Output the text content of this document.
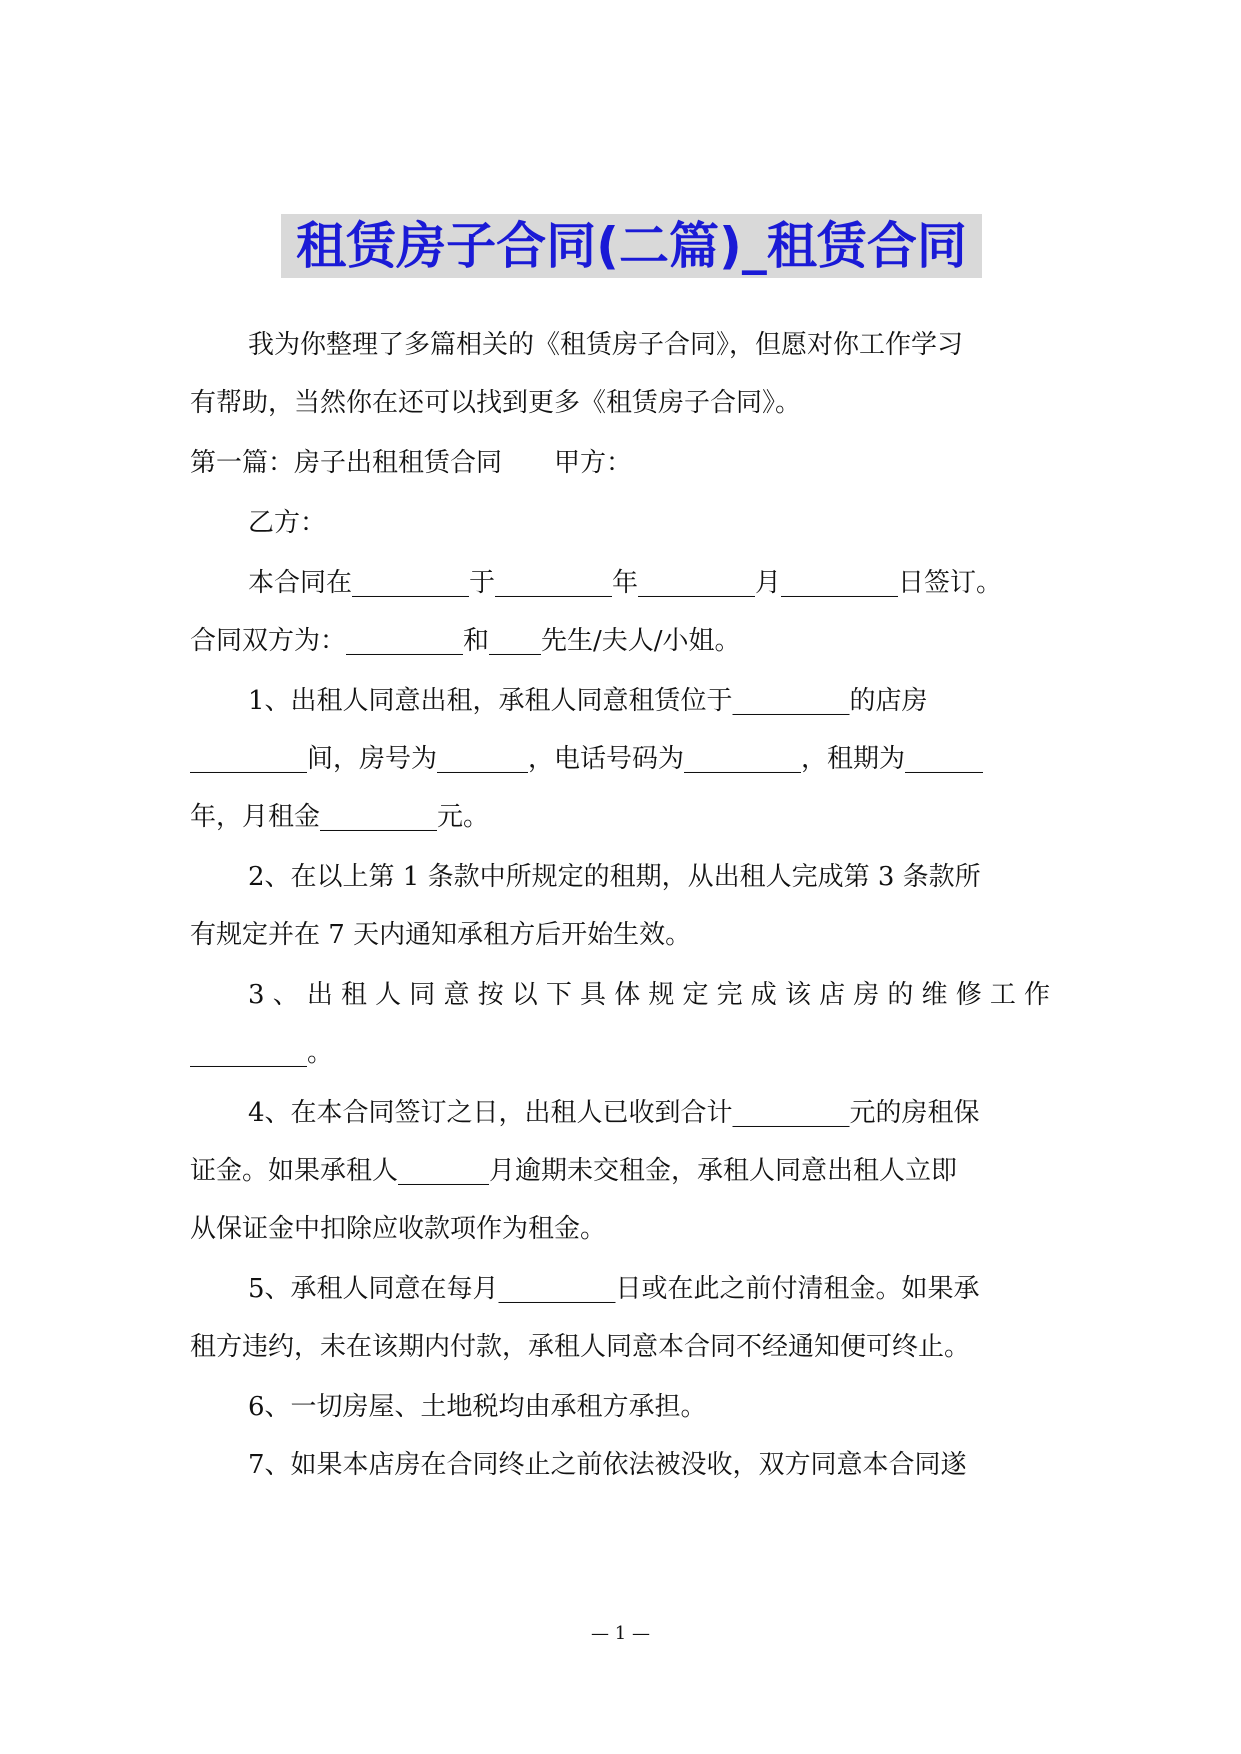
租赁房子合同(二篇)_租赁合同
我为你整理了多篇相关的《租赁房子合同》，但愿对你工作学习
有帮助，当然你在还可以找到更多《租赁房子合同》。
第一篇：房子出租租赁合同　　甲方：
乙方：
本合同在_________于_________年_________月_________日签订。
合同双方为：_________和____先生/夫人/小姐。
1、出租人同意出租，承租人同意租赁位于_________的店房
_________间，房号为_______，电话号码为_________，租期为______
年，月租金_________元。
2、在以上第 1 条款中所规定的租期，从出租人完成第 3 条款所
有规定并在 7 天内通知承租方后开始生效。
3、出租人同意按以下具体规定完成该店房的维修工作
_________。
4、在本合同签订之日，出租人已收到合计_________元的房租保
证金。如果承租人_______月逾期未交租金，承租人同意出租人立即
从保证金中扣除应收款项作为租金。
5、承租人同意在每月_________日或在此之前付清租金。如果承
租方违约，未在该期内付款，承租人同意本合同不经通知便可终止。
6、一切房屋、土地税均由承租方承担。
7、如果本店房在合同终止之前依法被没收，双方同意本合同遂
— 1 —
